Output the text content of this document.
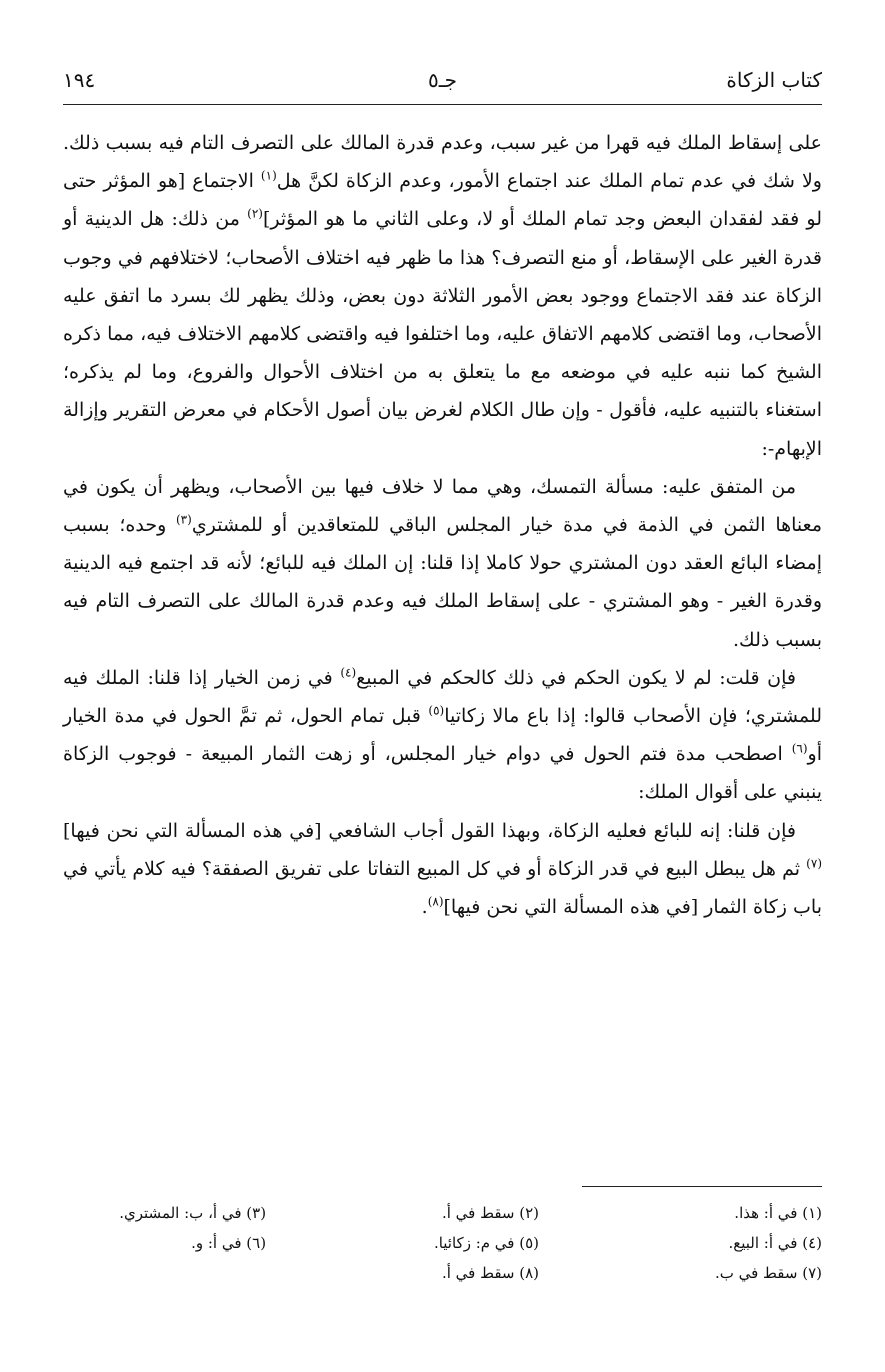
كتاب الزكاة
جـ٥
١٩٤

على إسقاط الملك فيه قهرا من غير سبب، وعدم قدرة المالك على التصرف التام فيه بسبب ذلك. ولا شك في عدم تمام الملك عند اجتماع الأمور، وعدم الزكاة لكنَّ هل$^{(١)}$ الاجتماع [هو المؤثر حتى لو فقد لفقدان البعض وجد تمام الملك أو لا، وعلى الثاني ما هو المؤثر]$^{(٢)}$ من ذلك: هل الدينية أو قدرة الغير على الإسقاط، أو منع التصرف؟ هذا ما ظهر فيه اختلاف الأصحاب؛ لاختلافهم في وجوب الزكاة عند فقد الاجتماع ووجود بعض الأمور الثلاثة دون بعض، وذلك يظهر لك بسرد ما اتفق عليه الأصحاب، وما اقتضى كلامهم الاتفاق عليه، وما اختلفوا فيه واقتضى كلامهم الاختلاف فيه، مما ذكره الشيخ كما ننبه عليه في موضعه مع ما يتعلق به من اختلاف الأحوال والفروع، وما لم يذكره؛ استغناء بالتنبيه عليه، فأقول - وإن طال الكلام لغرض بيان أصول الأحكام في معرض التقرير وإزالة الإبهام-:

من المتفق عليه: مسألة التمسك، وهي مما لا خلاف فيها بين الأصحاب، ويظهر أن يكون في معناها الثمن في الذمة في مدة خيار المجلس الباقي للمتعاقدين أو للمشتري$^{(٣)}$ وحده؛ بسبب إمضاء البائع العقد دون المشتري حولا كاملا إذا قلنا: إن الملك فيه للبائع؛ لأنه قد اجتمع فيه الدينية وقدرة الغير - وهو المشتري - على إسقاط الملك فيه وعدم قدرة المالك على التصرف التام فيه بسبب ذلك.

فإن قلت: لم لا يكون الحكم في ذلك كالحكم في المبيع$^{(٤)}$ في زمن الخيار إذا قلنا: الملك فيه للمشتري؛ فإن الأصحاب قالوا: إذا باع مالا زكاتيا$^{(٥)}$ قبل تمام الحول، ثم تمَّ الحول في مدة الخيار أو$^{(٦)}$ اصطحب مدة فتم الحول في دوام خيار المجلس، أو زهت الثمار المبيعة - فوجوب الزكاة ينبني على أقوال الملك:

فإن قلنا: إنه للبائع فعليه الزكاة، وبهذا القول أجاب الشافعي [في هذه المسألة التي نحن فيها]$^{(٧)}$ ثم هل يبطل البيع في قدر الزكاة أو في كل المبيع التفاتا على تفريق الصفقة؟ فيه كلام يأتي في باب زكاة الثمار [في هذه المسألة التي نحن فيها]$^{(٨)}$.

(١) في أ: هذا.
(٢) سقط في أ.
(٣) في أ، ب: المشتري.
(٤) في أ: البيع.
(٥) في م: زكائيا.
(٦) في أ: و.
(٧) سقط في ب.
(٨) سقط في أ.
